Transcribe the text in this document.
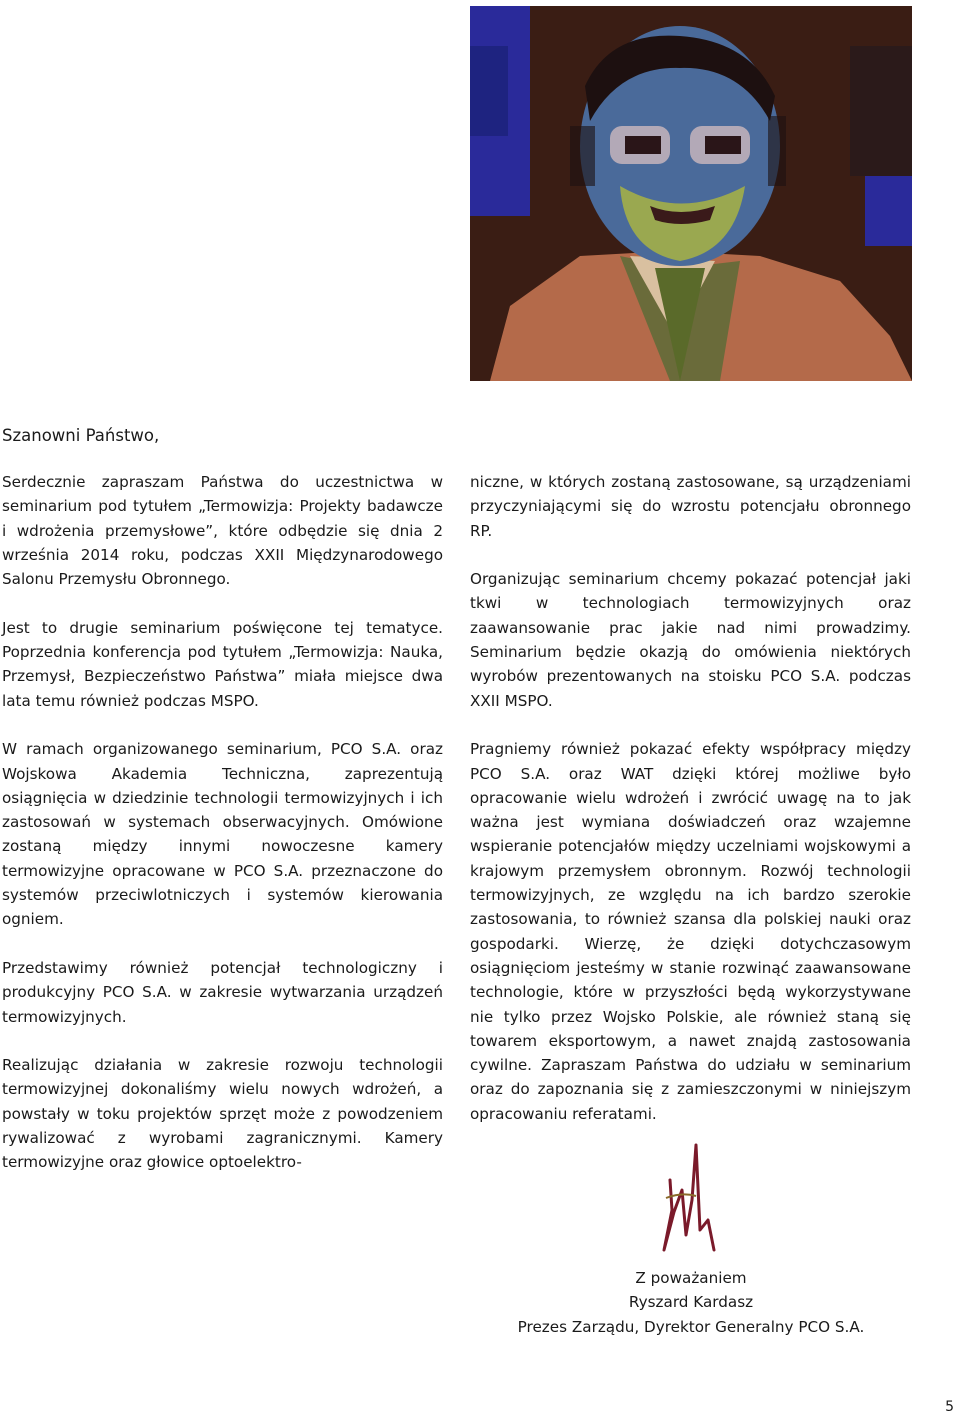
Szanowni Państwo,

Serdecznie zapraszam Państwa do uczestnictwa w seminarium pod tytułem „Termowizja: Projekty badawcze i wdrożenia przemysłowe”, które odbędzie się dnia 2 września 2014 roku, podczas XXII Międzynarodowego Salonu Przemysłu Obronnego.

Jest to drugie seminarium poświęcone tej tematyce. Poprzednia konferencja pod tytułem „Termowizja: Nauka, Przemysł, Bezpieczeństwo Państwa” miała miejsce dwa lata temu również podczas MSPO.

W ramach organizowanego seminarium, PCO S.A. oraz Wojskowa Akademia Techniczna, zaprezentują osiągnięcia w dziedzinie technologii termowizyjnych i ich zastosowań w systemach obserwacyjnych. Omówione zostaną między innymi nowoczesne kamery termowizyjne opracowane w PCO S.A. przeznaczone do systemów przeciwlotniczych i systemów kierowania ogniem.

Przedstawimy również potencjał technologiczny i produkcyjny PCO S.A. w zakresie wytwarzania urządzeń termowizyjnych.

Realizując działania w zakresie rozwoju technologii termowizyjnej dokonaliśmy wielu nowych wdrożeń, a powstały w toku projektów sprzęt może z powodzeniem rywalizować z wyrobami zagranicznymi. Kamery termowizyjne oraz głowice optoelektro-

niczne, w których zostaną zastosowane, są urządzeniami przyczyniającymi się do wzrostu potencjału obronnego RP.

Organizując seminarium chcemy pokazać potencjał jaki tkwi w technologiach termowizyjnych oraz zaawansowanie prac jakie nad nimi prowadzimy. Seminarium będzie okazją do omówienia niektórych wyrobów prezentowanych na stoisku PCO S.A. podczas XXII MSPO.

Pragniemy również pokazać efekty współpracy między PCO S.A. oraz WAT dzięki której możliwe było opracowanie wielu wdrożeń i zwrócić uwagę na to jak ważna jest wymiana doświadczeń oraz wzajemne wspieranie potencjałów między uczelniami wojskowymi a krajowym przemysłem obronnym. Rozwój technologii termowizyjnych, ze względu na ich bardzo szerokie zastosowania, to również szansa dla polskiej nauki oraz gospodarki. Wierzę, że dzięki dotychczasowym osiągnięciom jesteśmy w stanie rozwinąć zaawansowane technologie, które w przyszłości będą wykorzystywane nie tylko przez Wojsko Polskie, ale również staną się towarem eksportowym, a nawet znajdą zastosowania cywilne. Zapraszam Państwa do udziału w seminarium oraz do zapoznania się z zamieszczonymi w niniejszym opracowaniu referatami.

Z poważaniem
Ryszard Kardasz
Prezes Zarządu, Dyrektor Generalny PCO S.A.
5
